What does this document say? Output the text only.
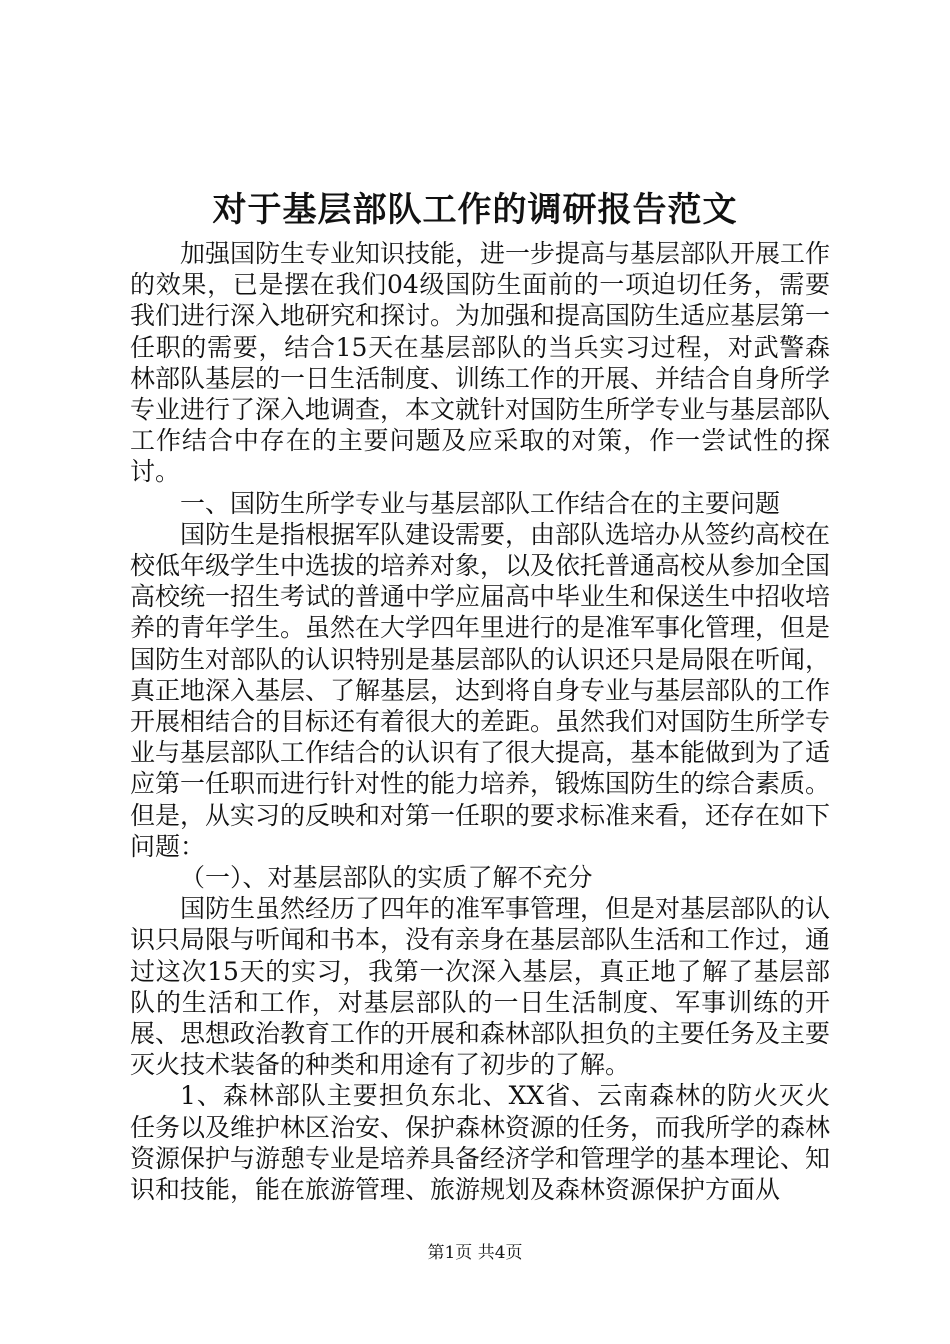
对于基层部队工作的调研报告范文

加强国防生专业知识技能，进一步提高与基层部队开展工作的效果，已是摆在我们04级国防生面前的一项迫切任务，需要我们进行深入地研究和探讨。为加强和提高国防生适应基层第一任职的需要，结合15天在基层部队的当兵实习过程，对武警森林部队基层的一日生活制度、训练工作的开展、并结合自身所学专业进行了深入地调查，本文就针对国防生所学专业与基层部队工作结合中存在的主要问题及应采取的对策，作一尝试性的探讨。

一、国防生所学专业与基层部队工作结合在的主要问题

国防生是指根据军队建设需要，由部队选培办从签约高校在校低年级学生中选拔的培养对象，以及依托普通高校从参加全国高校统一招生考试的普通中学应届高中毕业生和保送生中招收培养的青年学生。虽然在大学四年里进行的是准军事化管理，但是国防生对部队的认识特别是基层部队的认识还只是局限在听闻，真正地深入基层、了解基层，达到将自身专业与基层部队的工作开展相结合的目标还有着很大的差距。虽然我们对国防生所学专业与基层部队工作结合的认识有了很大提高，基本能做到为了适应第一任职而进行针对性的能力培养，锻炼国防生的综合素质。但是，从实习的反映和对第一任职的要求标准来看，还存在如下问题：

（一）、对基层部队的实质了解不充分

国防生虽然经历了四年的准军事管理，但是对基层部队的认识只局限与听闻和书本，没有亲身在基层部队生活和工作过，通过这次15天的实习，我第一次深入基层，真正地了解了基层部队的生活和工作，对基层部队的一日生活制度、军事训练的开展、思想政治教育工作的开展和森林部队担负的主要任务及主要灭火技术装备的种类和用途有了初步的了解。

1、森林部队主要担负东北、XX省、云南森林的防火灭火任务以及维护林区治安、保护森林资源的任务，而我所学的森林资源保护与游憩专业是培养具备经济学和管理学的基本理论、知识和技能，能在旅游管理、旅游规划及森林资源保护方面从

第1页 共4页
